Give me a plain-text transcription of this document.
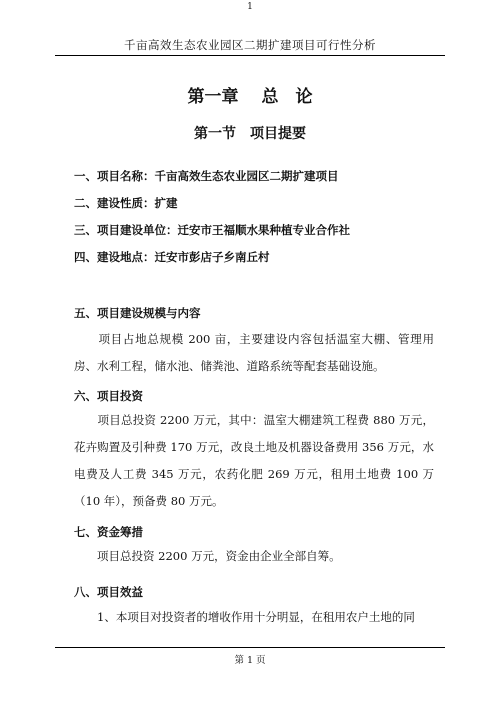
1
千亩高效生态农业园区二期扩建项目可行性分析
第一章　 总　论
第一节　项目提要
一、项目名称：千亩高效生态农业园区二期扩建项目
二、建设性质：扩建
三、项目建设单位：迁安市王福顺水果种植专业合作社
四、建设地点：迁安市彭店子乡南丘村
五、项目建设规模与内容
　　项目占地总规模 200 亩，主要建设内容包括温室大棚、管理用房、水利工程，储水池、储粪池、道路系统等配套基础设施。
六、项目投资
　　项目总投资 2200 万元，其中：温室大棚建筑工程费 880 万元，花卉购置及引种费 170 万元，改良土地及机器设备费用 356 万元，水电费及人工费 345 万元，农药化肥 269 万元，租用土地费 100 万（10 年），预备费 80 万元。
七、资金筹措
　　项目总投资 2200 万元，资金由企业全部自筹。
八、项目效益
　　1、本项目对投资者的增收作用十分明显，在租用农户土地的同
第 1 页
